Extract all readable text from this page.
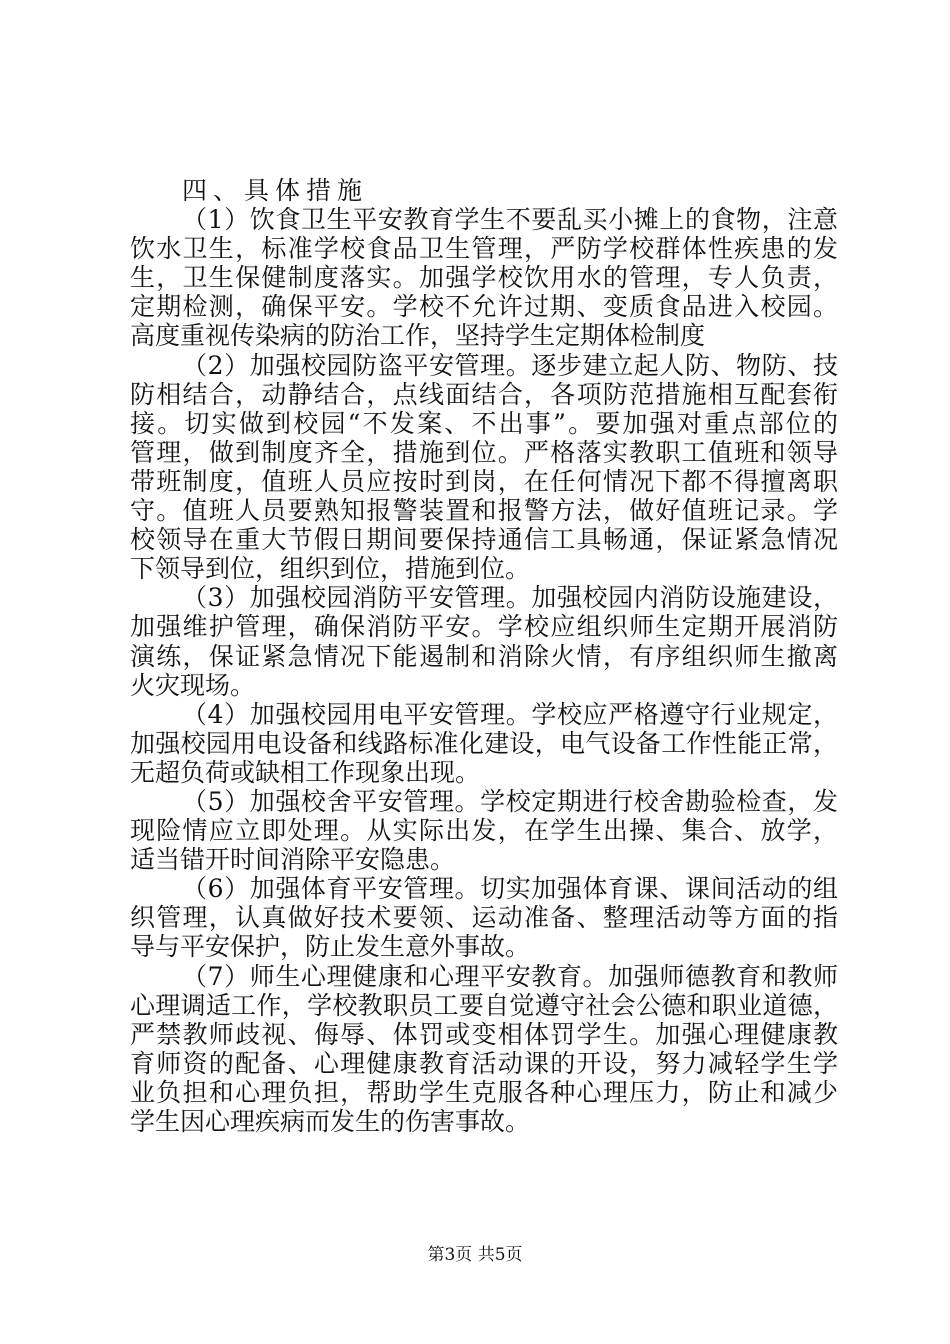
四、具体措施
（1）饮食卫生平安教育学生不要乱买小摊上的食物，注意
饮水卫生，标准学校食品卫生管理，严防学校群体性疾患的发
生，卫生保健制度落实。加强学校饮用水的管理，专人负责，
定期检测，确保平安。学校不允许过期、变质食品进入校园。
高度重视传染病的防治工作，坚持学生定期体检制度
（2）加强校园防盗平安管理。逐步建立起人防、物防、技
防相结合，动静结合，点线面结合，各项防范措施相互配套衔
接。切实做到校园“不发案、不出事”。要加强对重点部位的
管理，做到制度齐全，措施到位。严格落实教职工值班和领导
带班制度，值班人员应按时到岗，在任何情况下都不得擅离职
守。值班人员要熟知报警装置和报警方法，做好值班记录。学
校领导在重大节假日期间要保持通信工具畅通，保证紧急情况
下领导到位，组织到位，措施到位。
（3）加强校园消防平安管理。加强校园内消防设施建设，
加强维护管理，确保消防平安。学校应组织师生定期开展消防
演练，保证紧急情况下能遏制和消除火情，有序组织师生撤离
火灾现场。
（4）加强校园用电平安管理。学校应严格遵守行业规定，
加强校园用电设备和线路标准化建设，电气设备工作性能正常，
无超负荷或缺相工作现象出现。
（5）加强校舍平安管理。学校定期进行校舍勘验检查，发
现险情应立即处理。从实际出发，在学生出操、集合、放学，
适当错开时间消除平安隐患。
（6）加强体育平安管理。切实加强体育课、课间活动的组
织管理，认真做好技术要领、运动准备、整理活动等方面的指
导与平安保护，防止发生意外事故。
（7）师生心理健康和心理平安教育。加强师德教育和教师
心理调适工作，学校教职员工要自觉遵守社会公德和职业道德，
严禁教师歧视、侮辱、体罚或变相体罚学生。加强心理健康教
育师资的配备、心理健康教育活动课的开设，努力减轻学生学
业负担和心理负担，帮助学生克服各种心理压力，防止和减少
学生因心理疾病而发生的伤害事故。
第3页 共5页
